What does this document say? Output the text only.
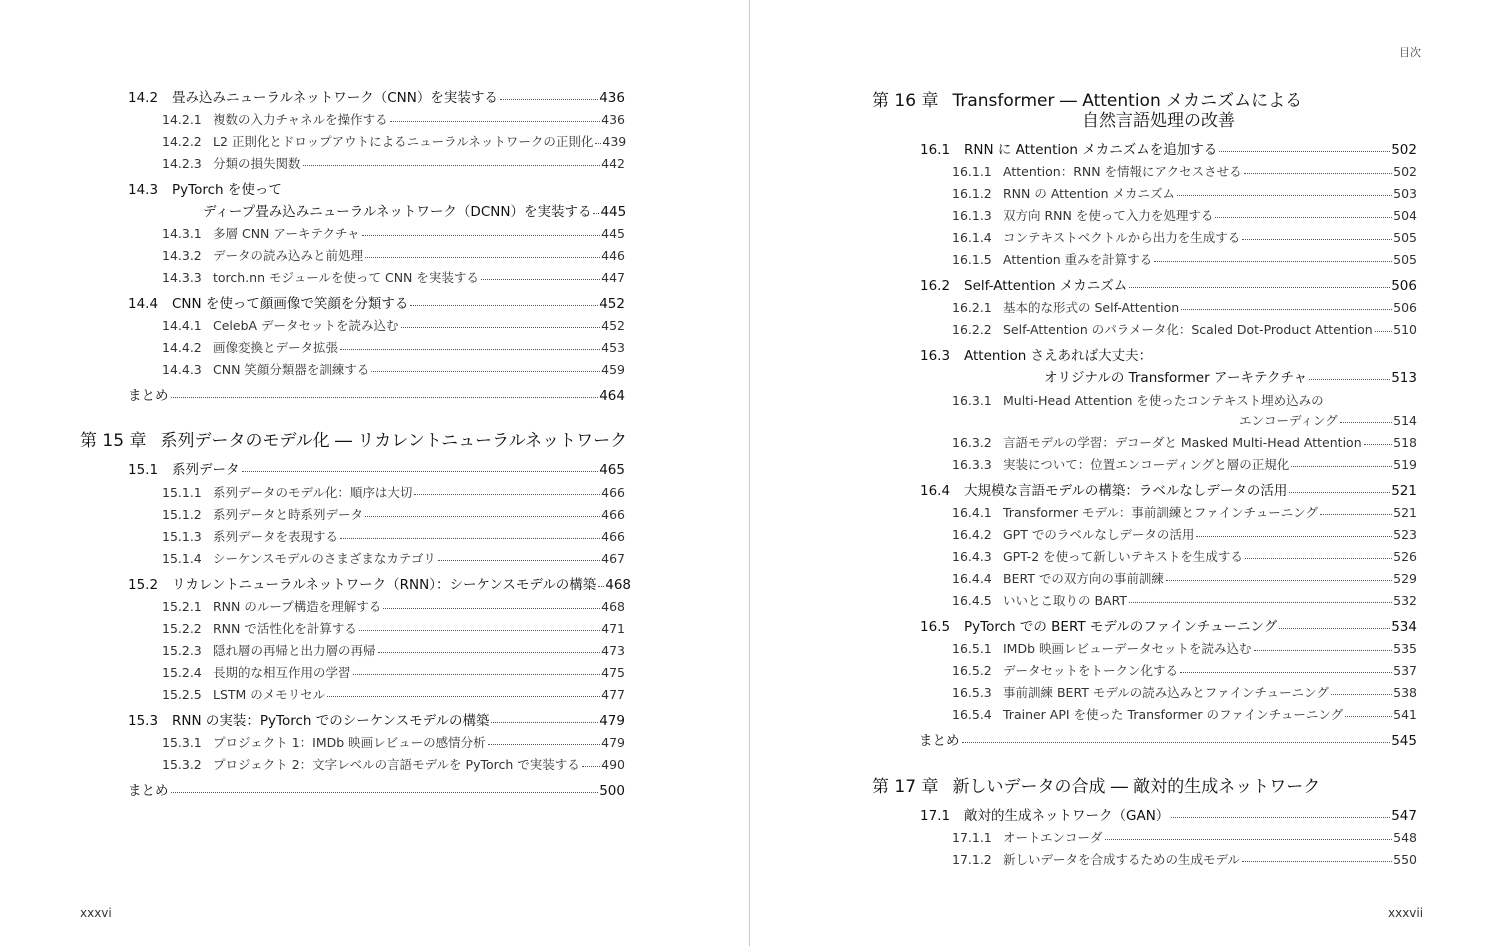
14.2	畳み込みニューラルネットワーク（CNN）を実装する	436
14.2.1 複数の入力チャネルを操作する	436
14.2.2 L2 正則化とドロップアウトによるニューラルネットワークの正則化 439
14.2.3 分類の損失関数	442
14.3	PyTorch を使って
ディープ畳み込みニューラルネットワーク（DCNN）を実装する 445
14.3.1 多層 CNN アーキテクチャ	445
14.3.2 データの読み込みと前処理	446
14.3.3 torch.nn モジュールを使って CNN を実装する	447
14.4	CNN を使って顔画像で笑顔を分類する	452
14.4.1 CelebA データセットを読み込む	452
14.4.2 画像変換とデータ拡張	453
14.4.3 CNN 笑顔分類器を訓練する	459
まとめ	464
第 15 章 系列データのモデル化 ― リカレントニューラルネットワーク
15.1	系列データ	465
15.1.1 系列データのモデル化：順序は大切	466
15.1.2 系列データと時系列データ	466
15.1.3 系列データを表現する	466
15.1.4 シーケンスモデルのさまざまなカテゴリ	467
15.2	リカレントニューラルネットワーク（RNN）：シーケンスモデルの構築 468
15.2.1 RNN のループ構造を理解する	468
15.2.2 RNN で活性化を計算する	471
15.2.3 隠れ層の再帰と出力層の再帰	473
15.2.4 長期的な相互作用の学習	475
15.2.5 LSTM のメモリセル	477
15.3	RNN の実装：PyTorch でのシーケンスモデルの構築	479
15.3.1 プロジェクト 1：IMDb 映画レビューの感情分析	479
15.3.2 プロジェクト 2：文字レベルの言語モデルを PyTorch で実装する 490
まとめ	500
xxxvi
目次
第 16 章 Transformer ― Attention メカニズムによる
自然言語処理の改善
16.1	RNN に Attention メカニズムを追加する	502
16.1.1 Attention：RNN を情報にアクセスさせる	502
16.1.2 RNN の Attention メカニズム	503
16.1.3 双方向 RNN を使って入力を処理する	504
16.1.4 コンテキストベクトルから出力を生成する	505
16.1.5 Attention 重みを計算する	505
16.2	Self-Attention メカニズム	506
16.2.1 基本的な形式の Self-Attention	506
16.2.2 Self-Attention のパラメータ化：Scaled Dot-Product Attention 510
16.3	Attention さえあれば大丈夫：
オリジナルの Transformer アーキテクチャ	513
16.3.1 Multi-Head Attention を使ったコンテキスト埋め込みの
エンコーディング	514
16.3.2 言語モデルの学習：デコーダと Masked Multi-Head Attention	518
16.3.3 実装について：位置エンコーディングと層の正規化	519
16.4	大規模な言語モデルの構築：ラベルなしデータの活用	521
16.4.1 Transformer モデル：事前訓練とファインチューニング	521
16.4.2 GPT でのラベルなしデータの活用	523
16.4.3 GPT-2 を使って新しいテキストを生成する	526
16.4.4 BERT での双方向の事前訓練	529
16.4.5 いいとこ取りの BART	532
16.5	PyTorch での BERT モデルのファインチューニング	534
16.5.1 IMDb 映画レビューデータセットを読み込む	535
16.5.2 データセットをトークン化する	537
16.5.3 事前訓練 BERT モデルの読み込みとファインチューニング	538
16.5.4 Trainer API を使った Transformer のファインチューニング	541
まとめ	545
第 17 章 新しいデータの合成 ― 敵対的生成ネットワーク
17.1	敵対的生成ネットワーク（GAN）	547
17.1.1 オートエンコーダ	548
17.1.2 新しいデータを合成するための生成モデル	550
xxxvii
